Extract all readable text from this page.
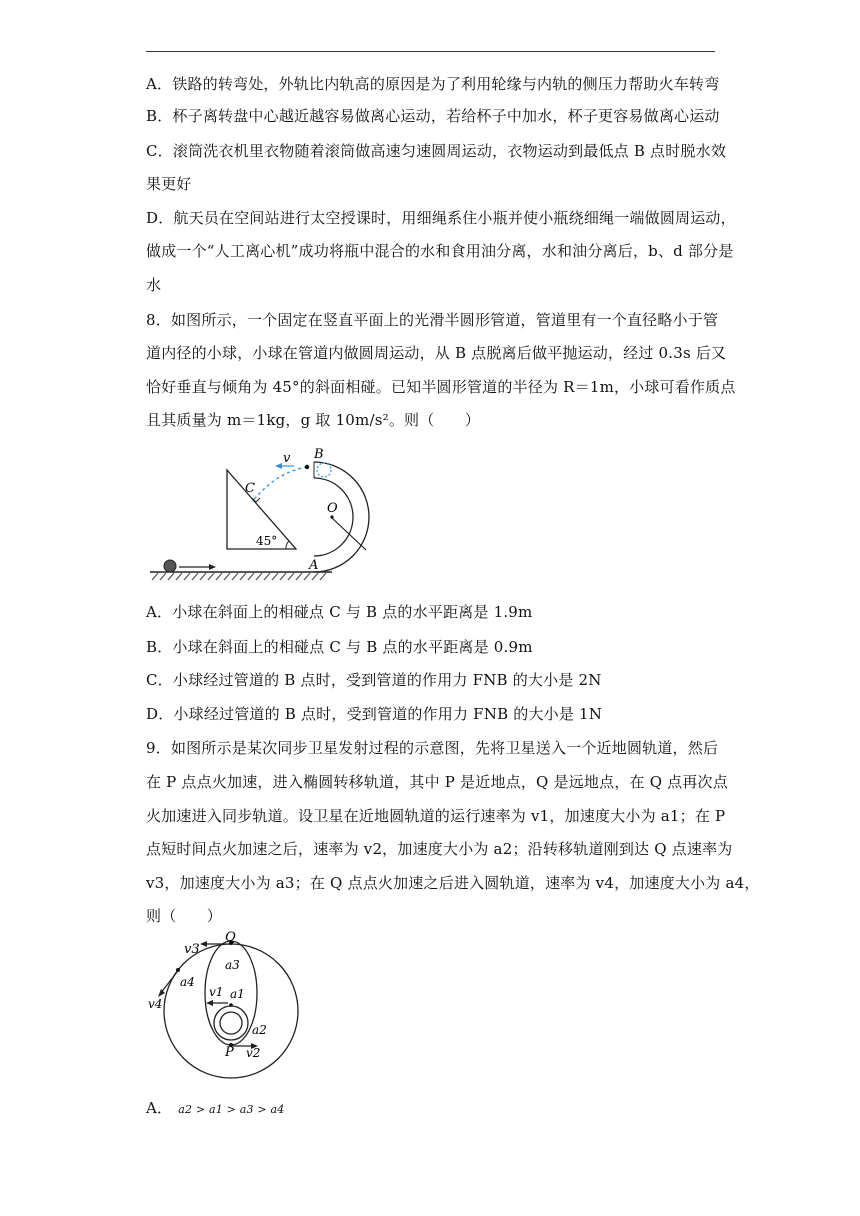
A．铁路的转弯处，外轨比内轨高的原因是为了利用轮缘与内轨的侧压力帮助火车转弯
B．杯子离转盘中心越近越容易做离心运动，若给杯子中加水，杯子更容易做离心运动
C．滚筒洗衣机里衣物随着滚筒做高速匀速圆周运动，衣物运动到最低点 B 点时脱水效
果更好
D．航天员在空间站进行太空授课时，用细绳系住小瓶并使小瓶绕细绳一端做圆周运动，
做成一个“人工离心机”成功将瓶中混合的水和食用油分离，水和油分离后，b、d 部分是
水
8．如图所示，一个固定在竖直平面上的光滑半圆形管道，管道里有一个直径略小于管
道内径的小球，小球在管道内做圆周运动，从 B 点脱离后做平抛运动，经过 0.3s 后又
恰好垂直与倾角为 45°的斜面相碰。已知半圆形管道的半径为 R＝1m，小球可看作质点
且其质量为 m＝1kg，g 取 10m/s²。则（　　）
v B
C
O
45°
A
A．小球在斜面上的相碰点 C 与 B 点的水平距离是 1.9m
B．小球在斜面上的相碰点 C 与 B 点的水平距离是 0.9m
C．小球经过管道的 B 点时，受到管道的作用力 FNB 的大小是 2N
D．小球经过管道的 B 点时，受到管道的作用力 FNB 的大小是 1N
9．如图所示是某次同步卫星发射过程的示意图，先将卫星送入一个近地圆轨道，然后
在 P 点点火加速，进入椭圆转移轨道，其中 P 是近地点，Q 是远地点，在 Q 点再次点
火加速进入同步轨道。设卫星在近地圆轨道的运行速率为 v1，加速度大小为 a1；在 P
点短时间点火加速之后，速率为 v2，加速度大小为 a2；沿转移轨道刚到达 Q 点速率为
v3，加速度大小为 a3；在 Q 点点火加速之后进入圆轨道，速率为 v4，加速度大小为 a4，
则（　　）
v3
Q
a3
a4
v1 a1
v4
a2
P v2
A． a2 > a1 > a3 > a4
